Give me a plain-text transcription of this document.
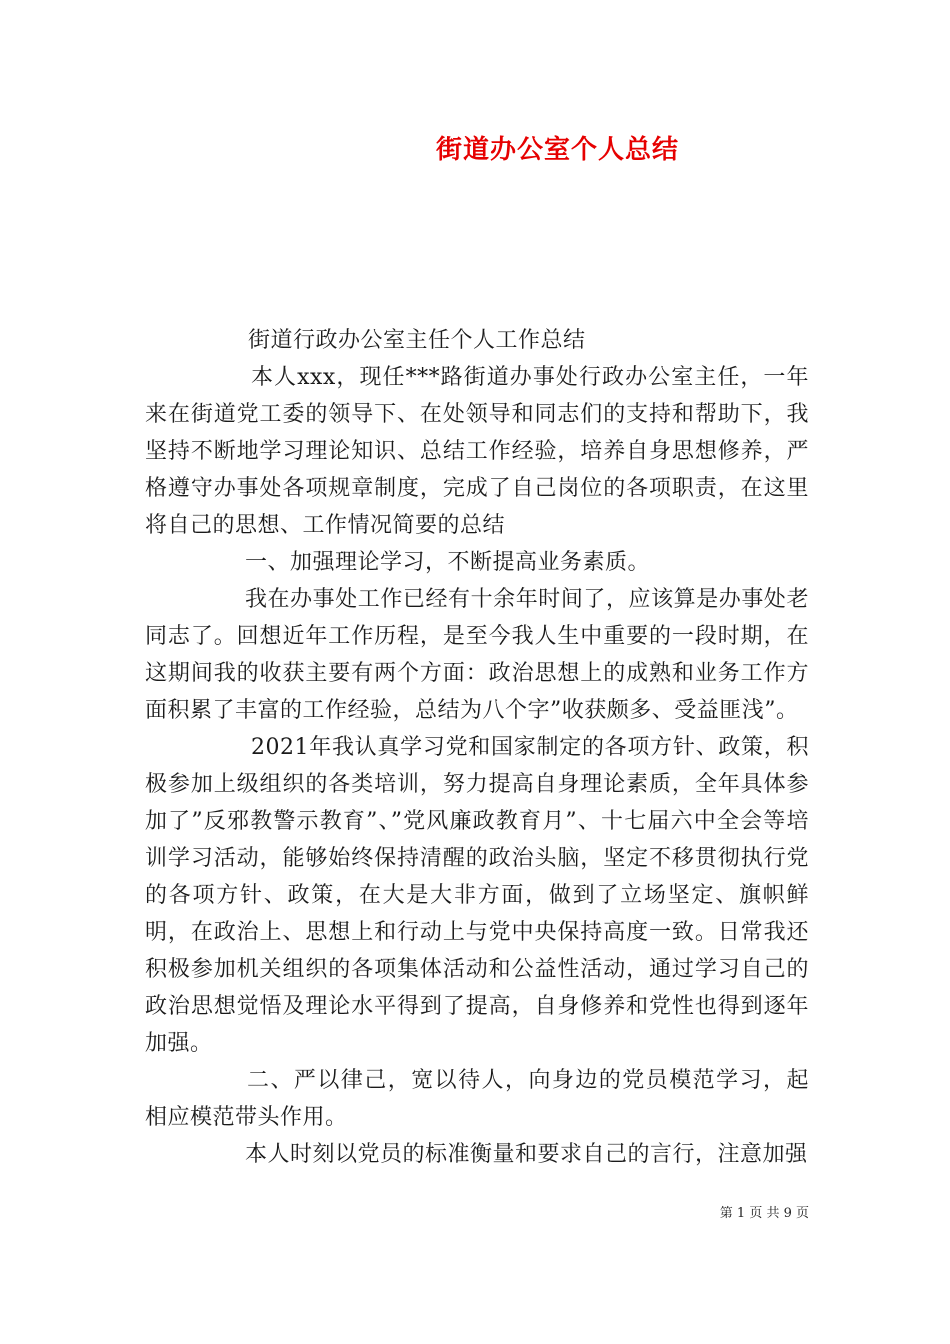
街道办公室个人总结

街道行政办公室主任个人工作总结

本人xxx，现任***路街道办事处行政办公室主任，一年来在街道党工委的领导下、在处领导和同志们的支持和帮助下，我坚持不断地学习理论知识、总结工作经验，培养自身思想修养，严格遵守办事处各项规章制度，完成了自己岗位的各项职责，在这里将自己的思想、工作情况简要的总结

一、加强理论学习，不断提高业务素质。

我在办事处工作已经有十余年时间了，应该算是办事处老同志了。回想近年工作历程，是至今我人生中重要的一段时期，在这期间我的收获主要有两个方面：政治思想上的成熟和业务工作方面积累了丰富的工作经验，总结为八个字”收获颇多、受益匪浅”。

2021年我认真学习党和国家制定的各项方针、政策，积极参加上级组织的各类培训，努力提高自身理论素质，全年具体参加了”反邪教警示教育”、”党风廉政教育月”、十七届六中全会等培训学习活动，能够始终保持清醒的政治头脑，坚定不移贯彻执行党的各项方针、政策，在大是大非方面，做到了立场坚定、旗帜鲜明，在政治上、思想上和行动上与党中央保持高度一致。日常我还积极参加机关组织的各项集体活动和公益性活动，通过学习自己的政治思想觉悟及理论水平得到了提高，自身修养和党性也得到逐年加强。

二、严以律己，宽以待人，向身边的党员模范学习，起相应模范带头作用。

本人时刻以党员的标准衡量和要求自己的言行，注意加强

第 1 页 共 9 页
